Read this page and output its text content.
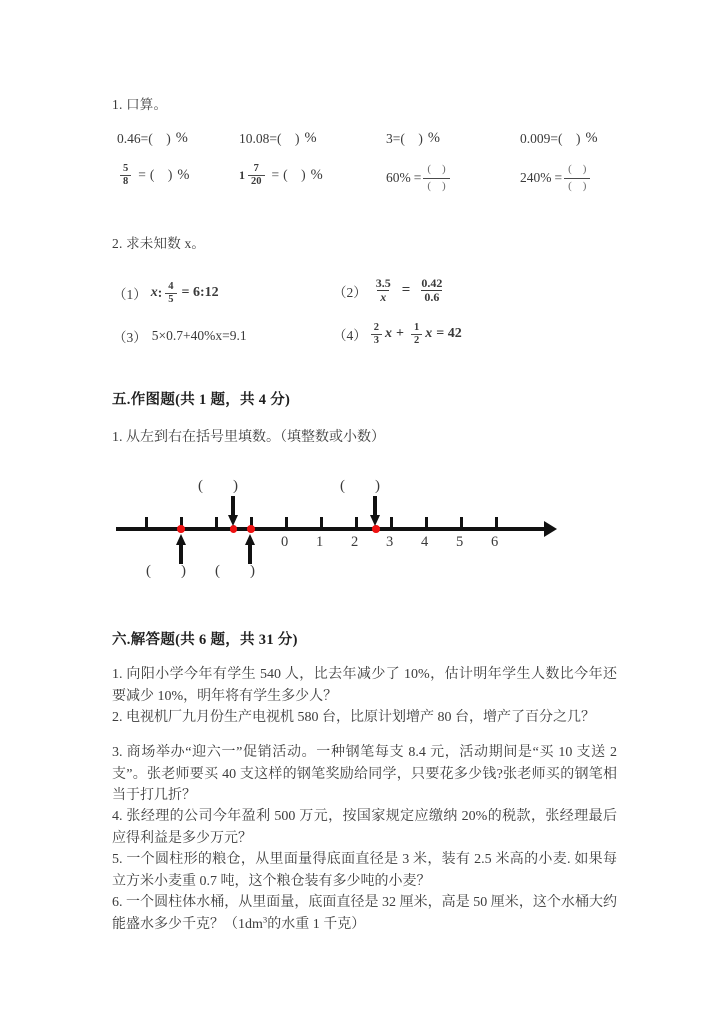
1. 口算。
0.46= (    ) %	10.08= (    ) %	3= (    ) %	0.009= (    ) %
$\frac{5}{8}$ = (    ) %	$1 \frac{7}{20}$ = (    ) %	$60\% = \frac{( )}{( )}$	$240\% = \frac{( )}{( )}$
2. 求未知数 x。
（1） x : $\frac{4}{5}$ = 6:12	$(2) \frac{3.5}{x} = \frac{0.42}{0.6}$
（3） 5×0.7+40%x=9.1	$(4) \frac{2}{3}$ $x + \frac{1}{2}$ x = 42
五.作图题(共 1 题，共 4 分)
1. 从左到右在括号里填数。（填整数或小数）
0 1 2 3 4 5 6
(        )	(        )
(        ) (        )
六.解答题(共 6 题，共 31 分)
1. 向阳小学今年有学生 540 人，比去年减少了 10%，估计明年学生人数比今年还要减少 10%，明年将有学生多少人？
2. 电视机厂九月份生产电视机 580 台，比原计划增产 80 台，增产了百分之几？
3. 商场举办“迎六一”促销活动。一种钢笔每支 8.4 元，活动期间是“买 10 支送 2 支”。张老师要买 40 支这样的钢笔奖励给同学，只要花多少钱?张老师买的钢笔相当于打几折？
4. 张经理的公司今年盈利 500 万元，按国家规定应缴纳 20%的税款，张经理最后应得利益是多少万元？
5. 一个圆柱形的粮仓，从里面量得底面直径是 3 米，装有 2.5 米高的小麦. 如果每立方米小麦重 0.7 吨，这个粮仓装有多少吨的小麦？
6. 一个圆柱体水桶，从里面量，底面直径是 32 厘米，高是 50 厘米，这个水桶大约能盛水多少千克？（$1dm^3$的水重 1 千克）
